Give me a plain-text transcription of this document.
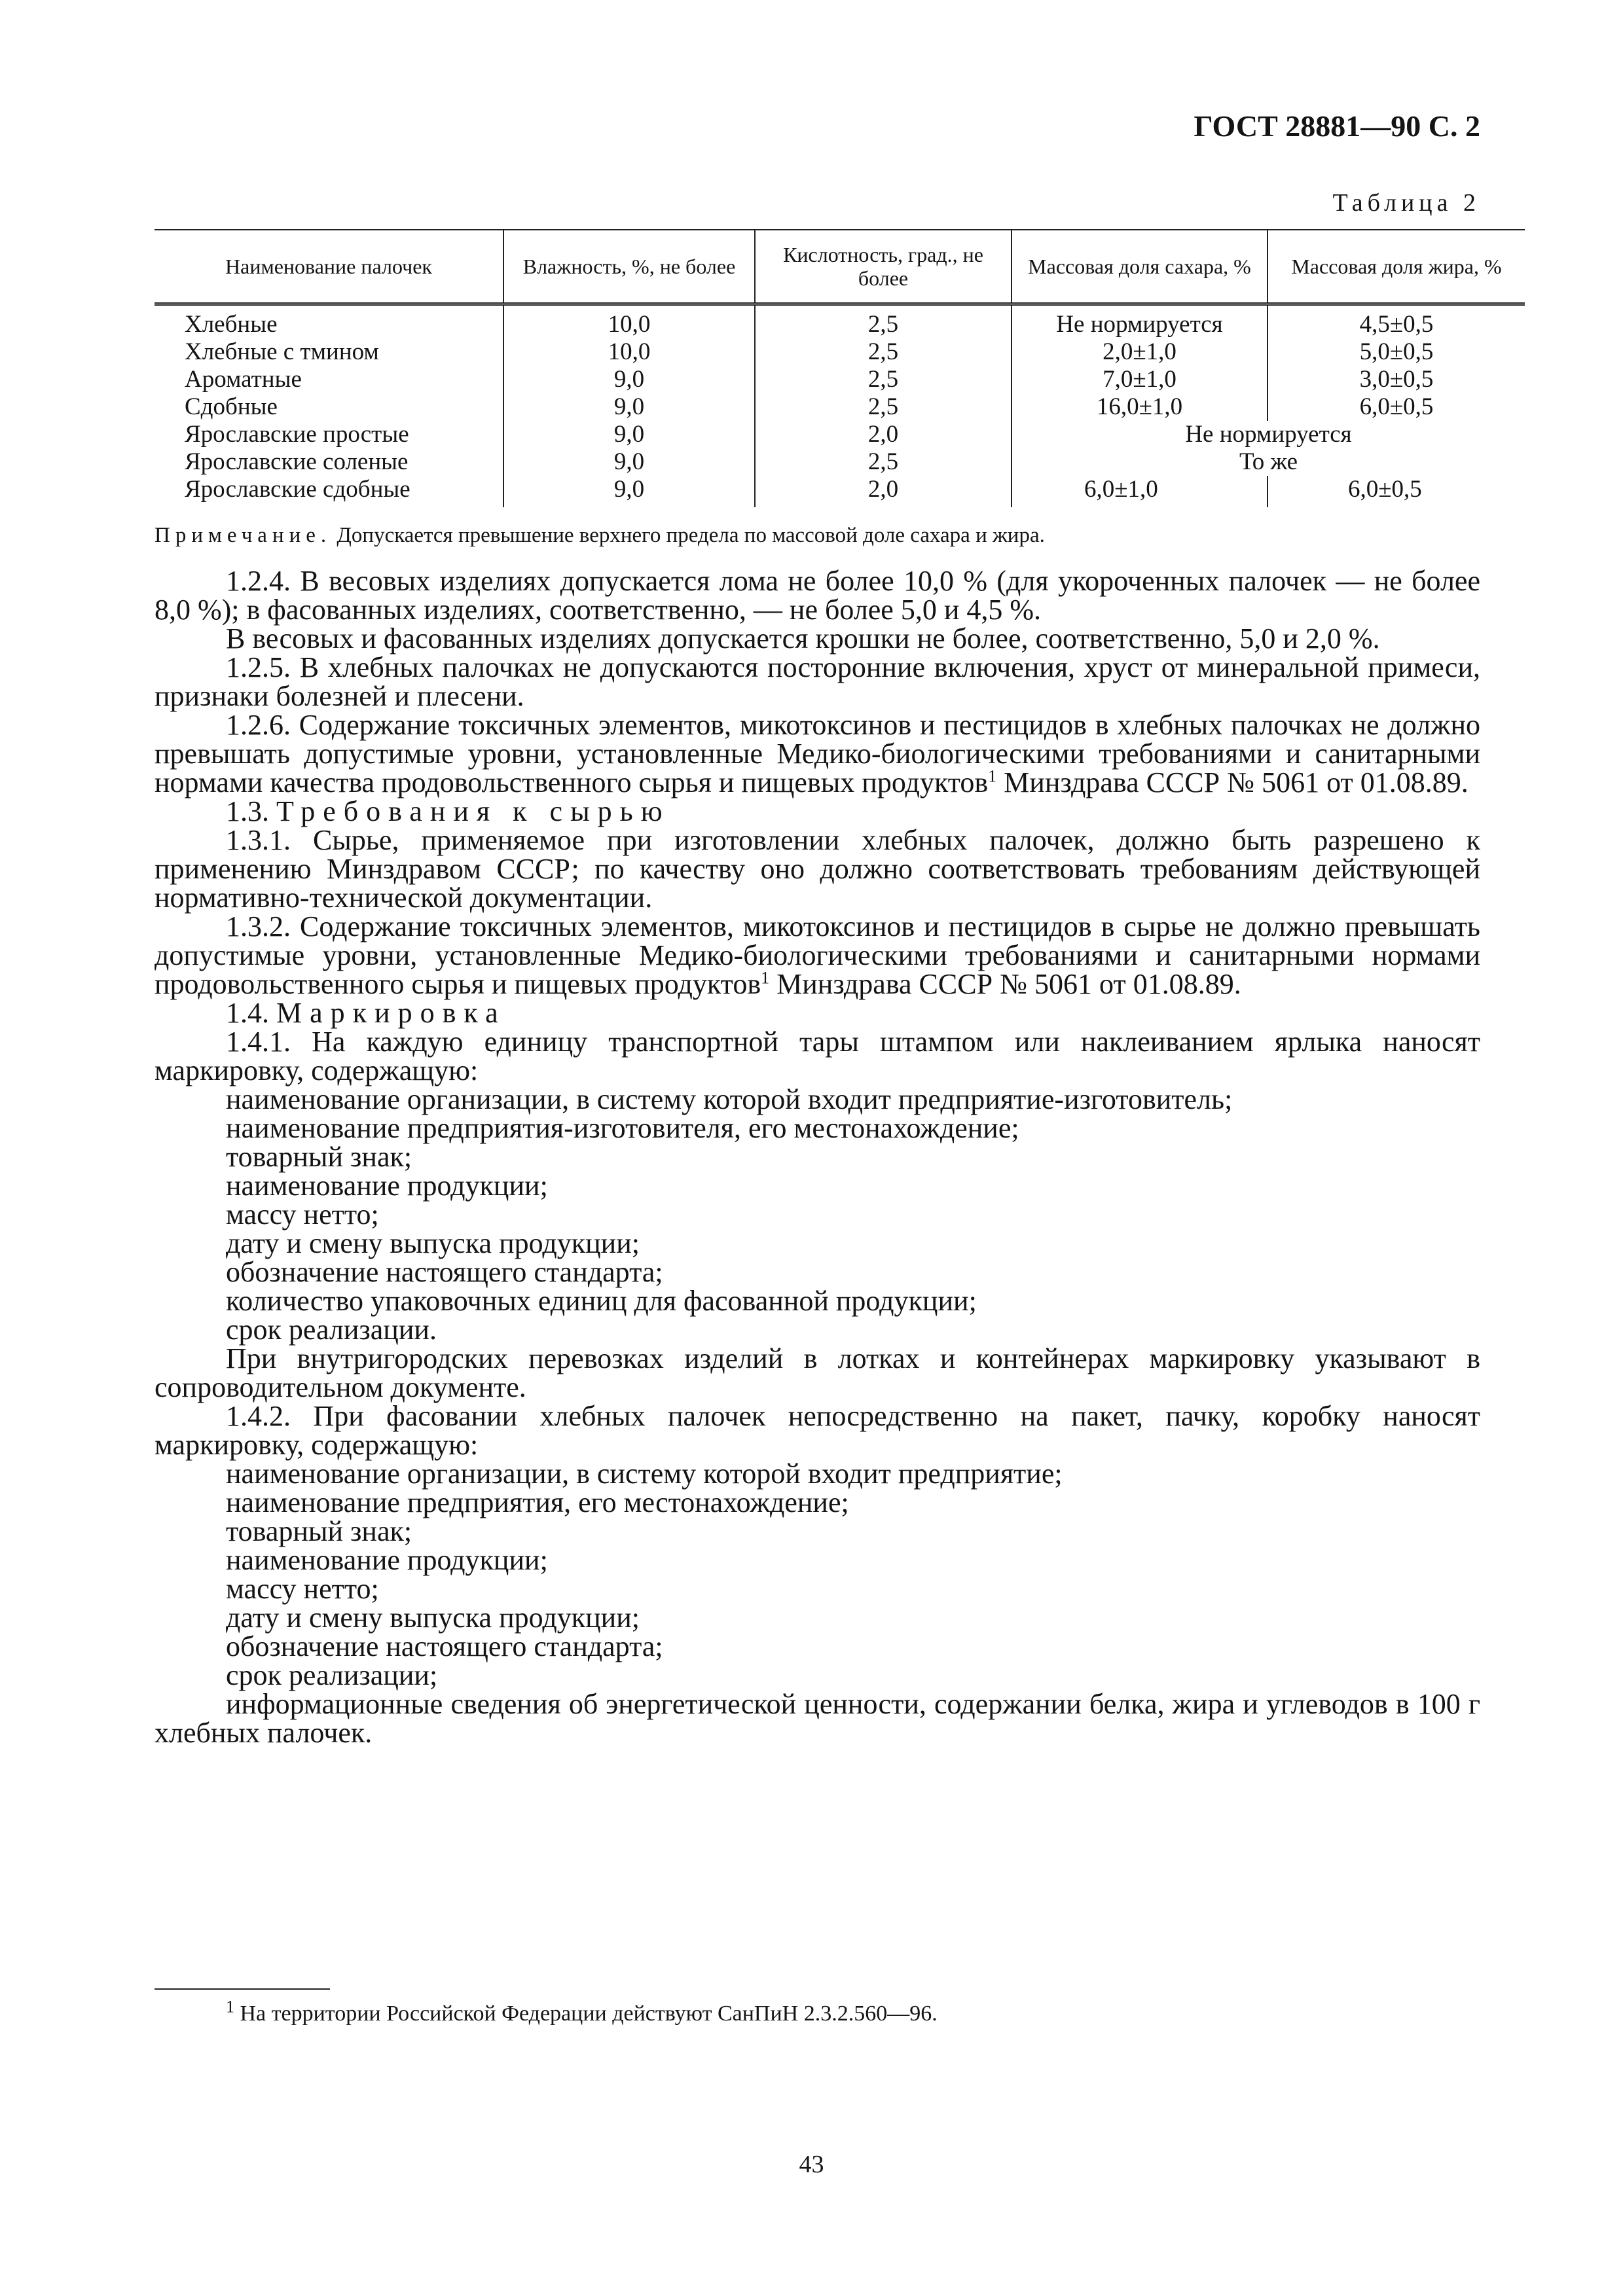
ГОСТ 28881—90 С. 2
Таблица 2
Наименование палочек	Влажность, %, не более	Кислотность, град., не более	Массовая доля сахара, %	Массовая доля жира, %
Хлебные	10,0	2,5	Не нормируется	4,5±0,5
Хлебные с тмином	10,0	2,5	2,0±1,0	5,0±0,5
Ароматные	9,0	2,5	7,0±1,0	3,0±0,5
Сдобные	9,0	2,5	16,0±1,0	6,0±0,5
Ярославские простые	9,0	2,0	Не нормируется	
Ярославские соленые	9,0	2,5	То же	
Ярославские сдобные	9,0	2,0	6,0±1,0	6,0±0,5
Примечание. Допускается превышение верхнего предела по массовой доле сахара и жира.

1.2.4. В весовых изделиях допускается лома не более 10,0 % (для укороченных палочек — не более 8,0 %); в фасованных изделиях, соответственно, — не более 5,0 и 4,5 %.

В весовых и фасованных изделиях допускается крошки не более, соответственно, 5,0 и 2,0 %.

1.2.5. В хлебных палочках не допускаются посторонние включения, хруст от минеральной примеси, признаки болезней и плесени.

1.2.6. Содержание токсичных элементов, микотоксинов и пестицидов в хлебных палочках не должно превышать допустимые уровни, установленные Медико-биологическими требованиями и санитарными нормами качества продовольственного сырья и пищевых продуктов$^1$ Минздрава СССР № 5061 от 01.08.89.

1.3. Требования к сырью

1.3.1. Сырье, применяемое при изготовлении хлебных палочек, должно быть разрешено к применению Минздравом СССР; по качеству оно должно соответствовать требованиям действующей нормативно-технической документации.

1.3.2. Содержание токсичных элементов, микотоксинов и пестицидов в сырье не должно превышать допустимые уровни, установленные Медико-биологическими требованиями и санитарными нормами продовольственного сырья и пищевых продуктов$^1$ Минздрава СССР № 5061 от 01.08.89.

1.4. Маркировка

1.4.1. На каждую единицу транспортной тары штампом или наклеиванием ярлыка наносят маркировку, содержащую:

наименование организации, в систему которой входит предприятие-изготовитель;

наименование предприятия-изготовителя, его местонахождение;

товарный знак;

наименование продукции;

массу нетто;

дату и смену выпуска продукции;

обозначение настоящего стандарта;

количество упаковочных единиц для фасованной продукции;

срок реализации.

При внутригородских перевозках изделий в лотках и контейнерах маркировку указывают в сопроводительном документе.

1.4.2. При фасовании хлебных палочек непосредственно на пакет, пачку, коробку наносят маркировку, содержащую:

наименование организации, в систему которой входит предприятие;

наименование предприятия, его местонахождение;

товарный знак;

наименование продукции;

массу нетто;

дату и смену выпуска продукции;

обозначение настоящего стандарта;

срок реализации;

информационные сведения об энергетической ценности, содержании белка, жира и углеводов в 100 г хлебных палочек.

$^1$ На территории Российской Федерации действуют СанПиН 2.3.2.560—96.
43
